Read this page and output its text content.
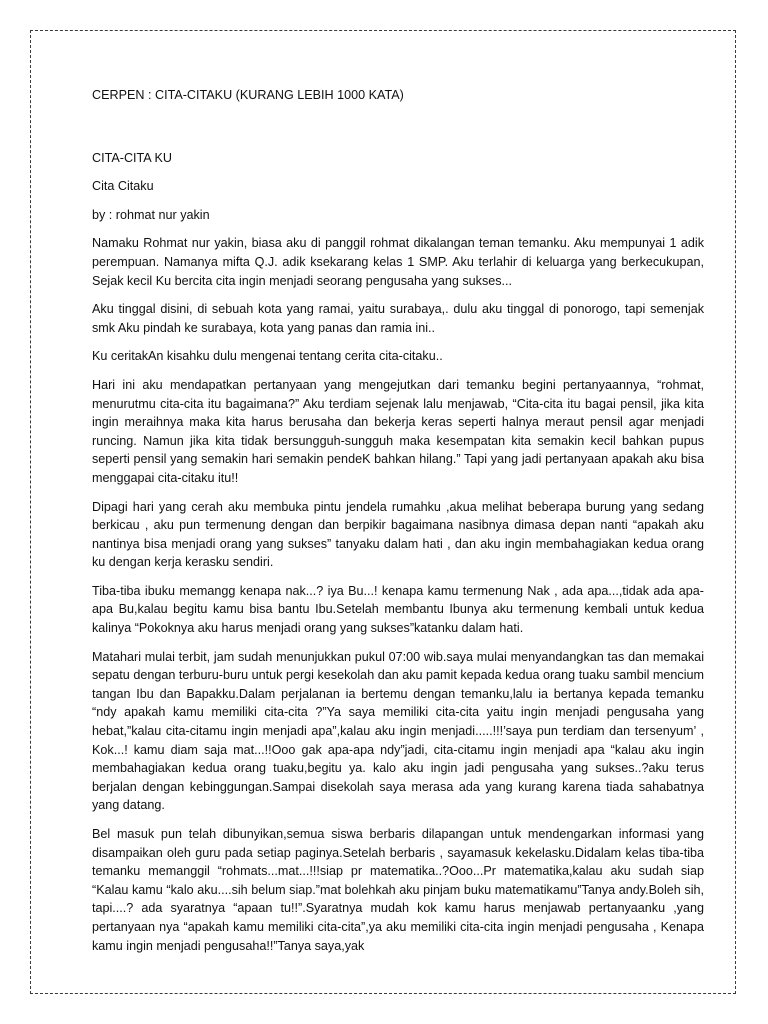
CERPEN : CITA-CITAKU (KURANG LEBIH 1000 KATA)
CITA-CITA KU
Cita Citaku
by : rohmat nur yakin

Namaku Rohmat nur yakin, biasa aku di panggil rohmat dikalangan teman temanku. Aku mempunyai 1 adik perempuan. Namanya mifta Q.J. adik ksekarang kelas 1 SMP. Aku terlahir di keluarga yang berkecukupan, Sejak kecil Ku bercita cita ingin menjadi seorang pengusaha yang sukses...

Aku tinggal disini, di sebuah kota yang ramai, yaitu surabaya,. dulu aku tinggal di ponorogo, tapi semenjak smk Aku pindah ke surabaya, kota yang panas dan ramia ini..

Ku ceritakAn kisahku dulu mengenai tentang cerita cita-citaku..

Hari ini aku mendapatkan pertanyaan yang mengejutkan dari temanku begini pertanyaannya, “rohmat, menurutmu cita-cita itu bagaimana?” Aku terdiam sejenak lalu menjawab, “Cita-cita itu bagai pensil, jika kita ingin meraihnya maka kita harus berusaha dan bekerja keras seperti halnya meraut pensil agar menjadi runcing. Namun jika kita tidak bersungguh-sungguh maka kesempatan kita semakin kecil bahkan pupus seperti pensil yang semakin hari semakin pendeK bahkan hilang.” Tapi yang jadi pertanyaan apakah aku bisa menggapai cita-citaku itu!!

Dipagi hari yang cerah aku membuka pintu jendela rumahku ,akua melihat beberapa burung yang sedang berkicau , aku pun termenung dengan dan berpikir bagaimana nasibnya dimasa depan nanti “apakah aku nantinya bisa menjadi orang yang sukses” tanyaku dalam hati , dan aku ingin membahagiakan kedua orang ku dengan kerja kerasku sendiri.

Tiba-tiba ibuku memangg kenapa nak...? iya Bu...! kenapa kamu termenung Nak , ada apa...,tidak ada apa-apa Bu,kalau begitu kamu bisa bantu Ibu.Setelah membantu Ibunya aku termenung kembali untuk kedua kalinya “Pokoknya aku harus menjadi orang yang sukses”katanku dalam hati.

Matahari mulai terbit, jam sudah menunjukkan pukul 07:00 wib.saya mulai menyandangkan tas dan memakai sepatu dengan terburu-buru untuk pergi kesekolah dan aku pamit kepada kedua orang tuaku sambil mencium tangan Ibu dan Bapakku.Dalam perjalanan ia bertemu dengan temanku,lalu ia bertanya kepada temanku “ndy apakah kamu memiliki cita-cita ?”Ya saya memiliki cita-cita yaitu ingin menjadi pengusaha yang hebat,”kalau cita-citamu ingin menjadi apa”,kalau aku ingin menjadi.....!!!’saya pun terdiam dan tersenyum’ , Kok...! kamu diam saja mat...!!Ooo gak apa-apa ndy”jadi, cita-citamu ingin menjadi apa “kalau aku ingin membahagiakan kedua orang tuaku,begitu ya. kalo aku ingin jadi pengusaha yang sukses..?aku terus berjalan dengan kebinggungan.Sampai disekolah saya merasa ada yang kurang karena tiada sahabatnya yang datang.

Bel masuk pun telah dibunyikan,semua siswa berbaris dilapangan untuk mendengarkan informasi yang disampaikan oleh guru pada setiap paginya.Setelah berbaris , sayamasuk kekelasku.Didalam kelas tiba-tiba temanku memanggil “rohmats...mat...!!!siap pr matematika..?Ooo...Pr matematika,kalau aku sudah siap “Kalau kamu “kalo aku....sih belum siap.”mat bolehkah aku pinjam buku matematikamu”Tanya andy.Boleh sih, tapi....? ada syaratnya “apaan tu!!”.Syaratnya mudah kok kamu harus menjawab pertanyaanku ,yang pertanyaan nya “apakah kamu memiliki cita-cita”,ya aku memiliki cita-cita ingin menjadi pengusaha , Kenapa kamu ingin menjadi pengusaha!!”Tanya saya,yak
